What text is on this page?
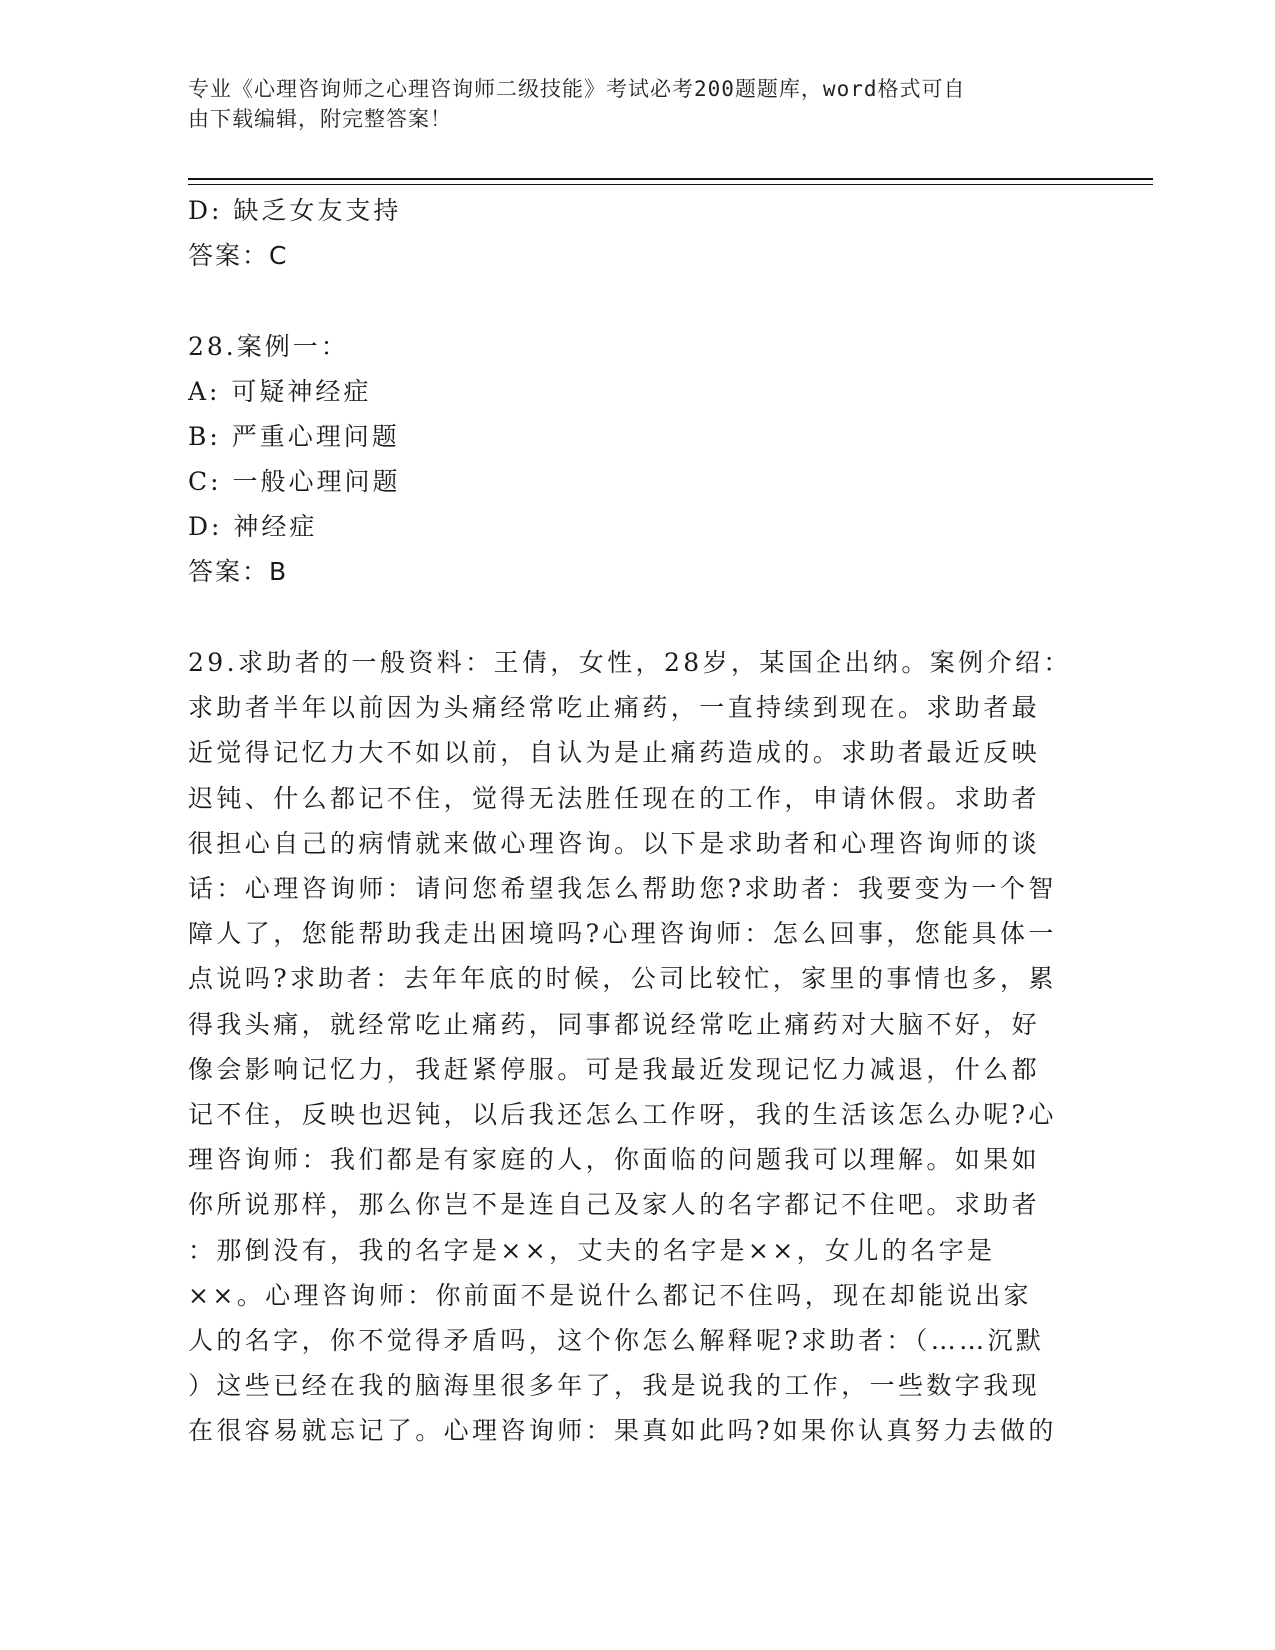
专业《心理咨询师之心理咨询师二级技能》考试必考200题题库，word格式可自
由下载编辑，附完整答案！
D: 缺乏女友支持
答案：C
28.案例一：
A: 可疑神经症
B: 严重心理问题
C: 一般心理问题
D: 神经症
答案：B
29.求助者的一般资料：王倩，女性，28岁，某国企出纳。案例介绍：
求助者半年以前因为头痛经常吃止痛药，一直持续到现在。求助者最
近觉得记忆力大不如以前，自认为是止痛药造成的。求助者最近反映
迟钝、什么都记不住，觉得无法胜任现在的工作，申请休假。求助者
很担心自己的病情就来做心理咨询。以下是求助者和心理咨询师的谈
话：心理咨询师：请问您希望我怎么帮助您?求助者：我要变为一个智
障人了，您能帮助我走出困境吗?心理咨询师：怎么回事，您能具体一
点说吗?求助者：去年年底的时候，公司比较忙，家里的事情也多，累
得我头痛，就经常吃止痛药，同事都说经常吃止痛药对大脑不好，好
像会影响记忆力，我赶紧停服。可是我最近发现记忆力减退，什么都
记不住，反映也迟钝，以后我还怎么工作呀，我的生活该怎么办呢?心
理咨询师：我们都是有家庭的人，你面临的问题我可以理解。如果如
你所说那样，那么你岂不是连自己及家人的名字都记不住吧。求助者
：那倒没有，我的名字是××，丈夫的名字是××，女儿的名字是
××。心理咨询师：你前面不是说什么都记不住吗，现在却能说出家
人的名字，你不觉得矛盾吗，这个你怎么解释呢?求助者：（……沉默
）这些已经在我的脑海里很多年了，我是说我的工作，一些数字我现
在很容易就忘记了。心理咨询师：果真如此吗?如果你认真努力去做的
